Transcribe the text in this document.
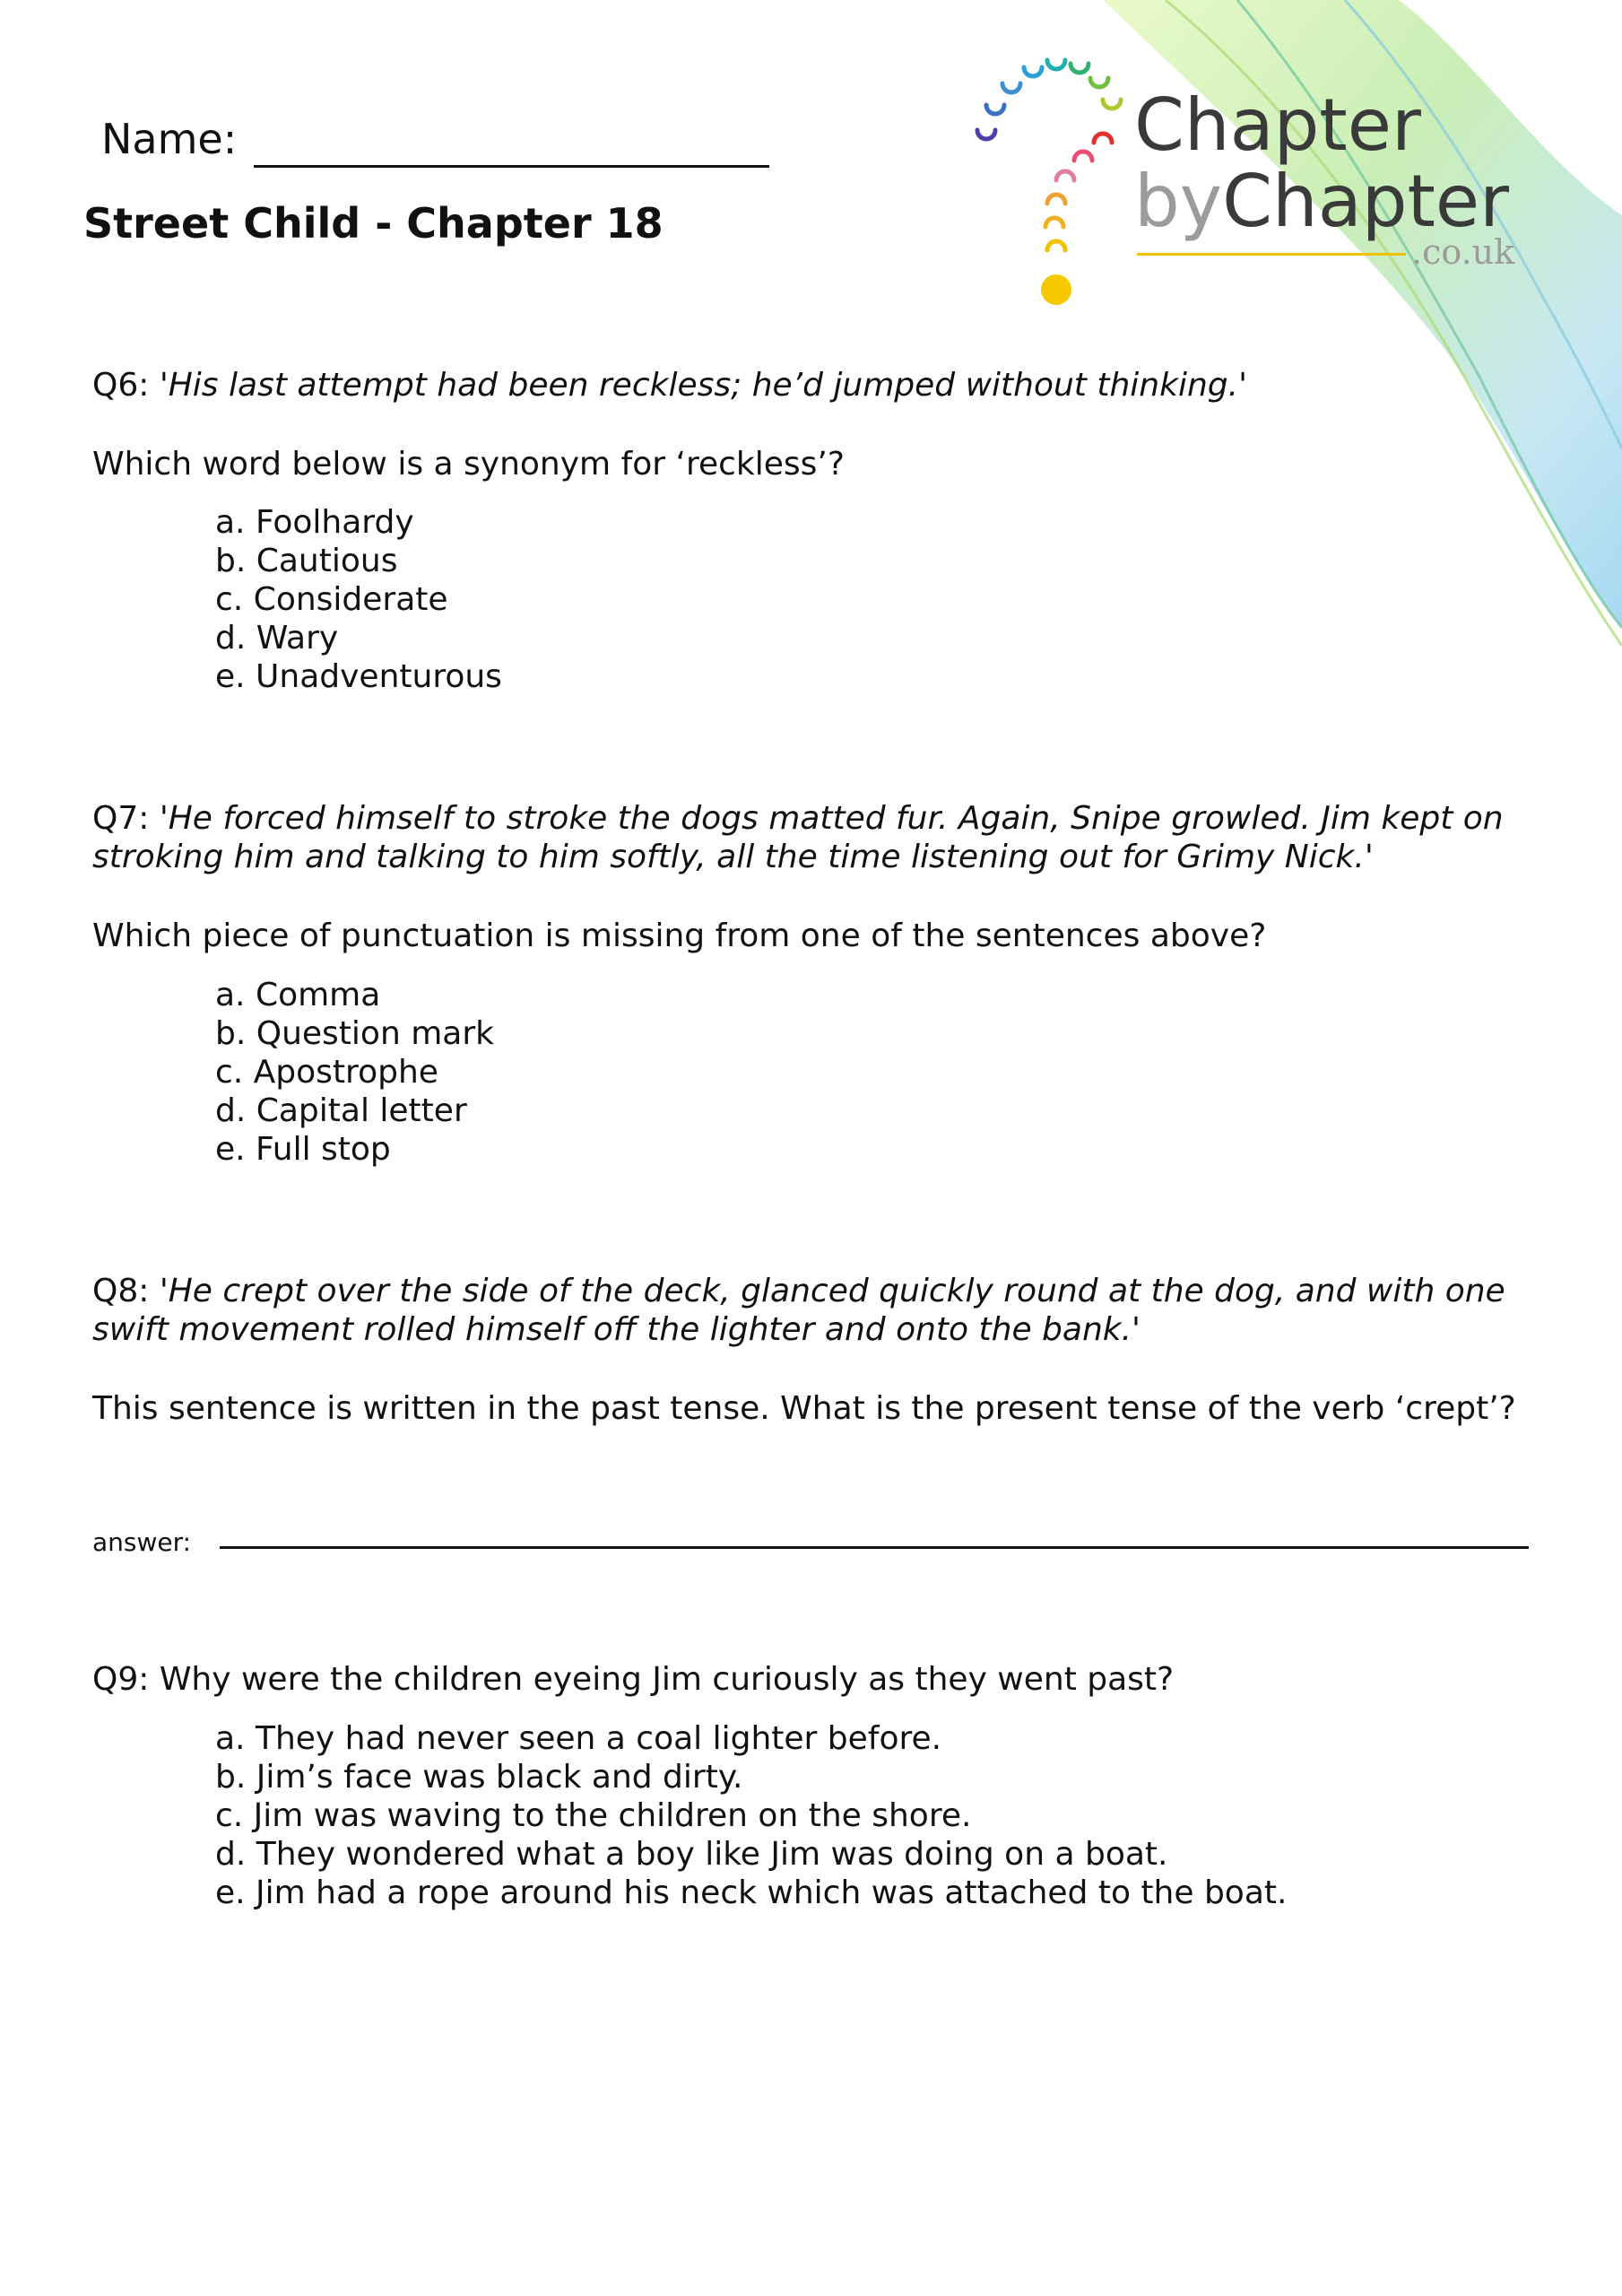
Name:
Street Child - Chapter 18
Chapter
byChapter
.co.uk
Q6: 'His last attempt had been reckless; he’d jumped without thinking.'
Which word below is a synonym for ‘reckless’?
a. Foolhardy
b. Cautious
c. Considerate
d. Wary
e. Unadventurous
Q7: 'He forced himself to stroke the dogs matted fur. Again, Snipe growled. Jim kept on stroking him and talking to him softly, all the time listening out for Grimy Nick.'
Which piece of punctuation is missing from one of the sentences above?
a. Comma
b. Question mark
c. Apostrophe
d. Capital letter
e. Full stop
Q8: 'He crept over the side of the deck, glanced quickly round at the dog, and with one swift movement rolled himself off the lighter and onto the bank.'
This sentence is written in the past tense. What is the present tense of the verb ‘crept’?
answer:
Q9: Why were the children eyeing Jim curiously as they went past?
a. They had never seen a coal lighter before.
b. Jim’s face was black and dirty.
c. Jim was waving to the children on the shore.
d. They wondered what a boy like Jim was doing on a boat.
e. Jim had a rope around his neck which was attached to the boat.
